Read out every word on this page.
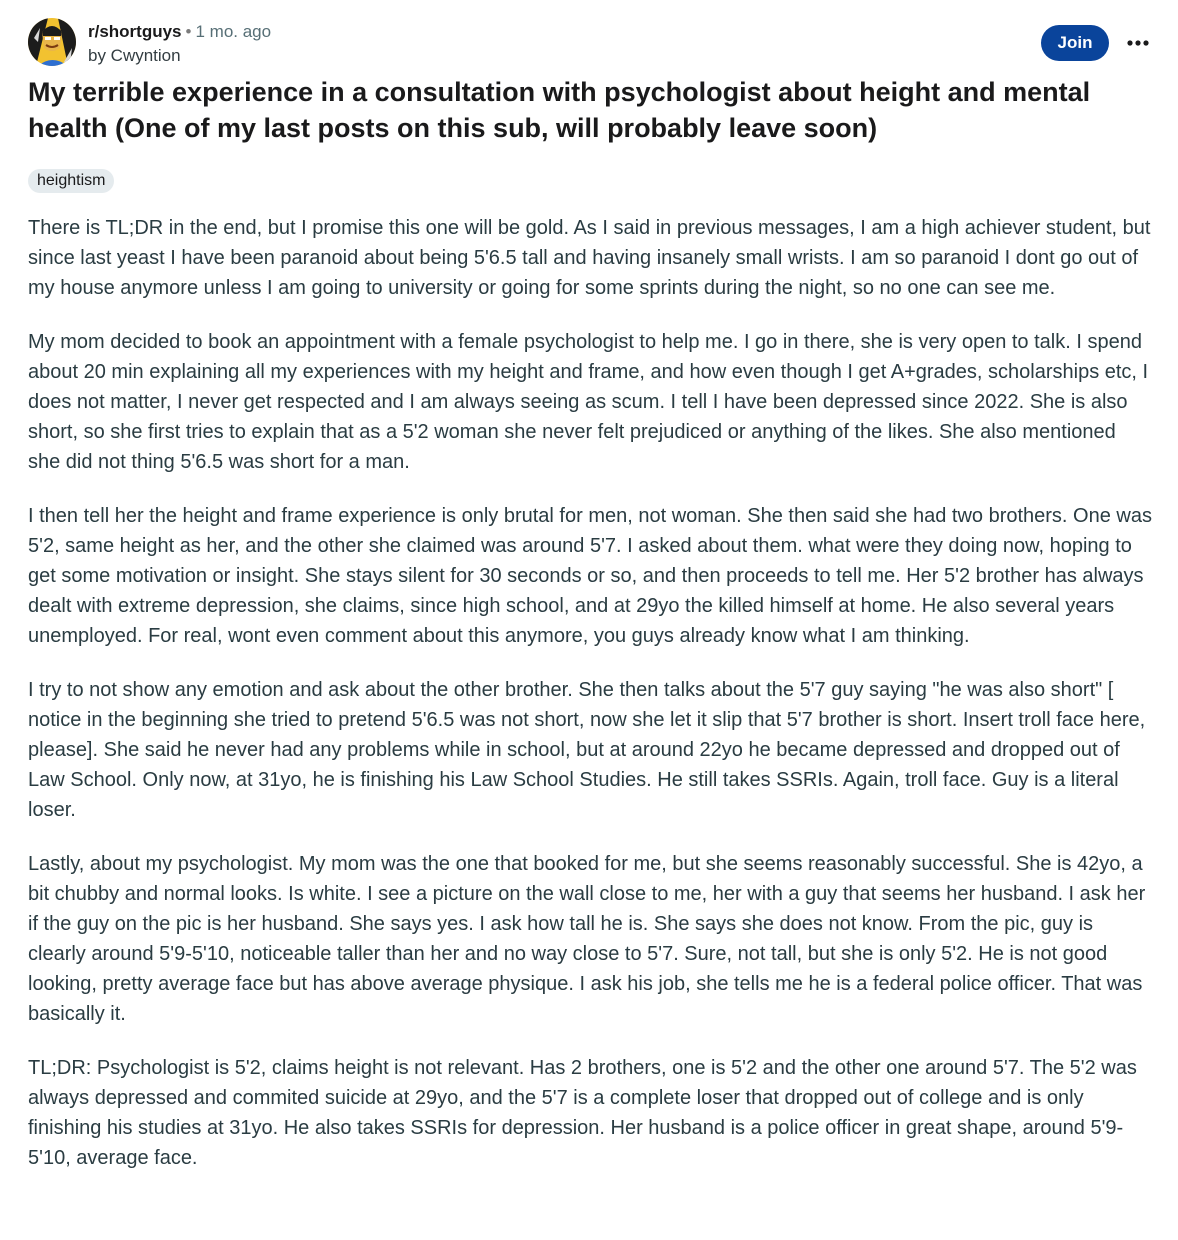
r/shortguys • 1 mo. ago
by Cwyntion
Join
My terrible experience in a consultation with psychologist about height and mental health (One of my last posts on this sub, will probably leave soon)
heightism

There is TL;DR in the end, but I promise this one will be gold. As I said in previous messages, I am a high achiever student, but since last yeast I have been paranoid about being 5'6.5 tall and having insanely small wrists. I am so paranoid I dont go out of my house anymore unless I am going to university or going for some sprints during the night, so no one can see me.

My mom decided to book an appointment with a female psychologist to help me. I go in there, she is very open to talk. I spend about 20 min explaining all my experiences with my height and frame, and how even though I get A+grades, scholarships etc, I does not matter, I never get respected and I am always seeing as scum. I tell I have been depressed since 2022. She is also short, so she first tries to explain that as a 5'2 woman she never felt prejudiced or anything of the likes. She also mentioned she did not thing 5'6.5 was short for a man.

I then tell her the height and frame experience is only brutal for men, not woman. She then said she had two brothers. One was 5'2, same height as her, and the other she claimed was around 5'7. I asked about them. what were they doing now, hoping to get some motivation or insight. She stays silent for 30 seconds or so, and then proceeds to tell me. Her 5'2 brother has always dealt with extreme depression, she claims, since high school, and at 29yo the killed himself at home. He also several years unemployed. For real, wont even comment about this anymore, you guys already know what I am thinking.

I try to not show any emotion and ask about the other brother. She then talks about the 5'7 guy saying "he was also short" [ notice in the beginning she tried to pretend 5'6.5 was not short, now she let it slip that 5'7 brother is short. Insert troll face here, please]. She said he never had any problems while in school, but at around 22yo he became depressed and dropped out of Law School. Only now, at 31yo, he is finishing his Law School Studies. He still takes SSRIs. Again, troll face. Guy is a literal loser.

Lastly, about my psychologist. My mom was the one that booked for me, but she seems reasonably successful. She is 42yo, a bit chubby and normal looks. Is white. I see a picture on the wall close to me, her with a guy that seems her husband. I ask her if the guy on the pic is her husband. She says yes. I ask how tall he is. She says she does not know. From the pic, guy is clearly around 5'9-5'10, noticeable taller than her and no way close to 5'7. Sure, not tall, but she is only 5'2. He is not good looking, pretty average face but has above average physique. I ask his job, she tells me he is a federal police officer. That was basically it.

TL;DR: Psychologist is 5'2, claims height is not relevant. Has 2 brothers, one is 5'2 and the other one around 5'7. The 5'2 was always depressed and commited suicide at 29yo, and the 5'7 is a complete loser that dropped out of college and is only finishing his studies at 31yo. He also takes SSRIs for depression. Her husband is a police officer in great shape, around 5'9-5'10, average face.
